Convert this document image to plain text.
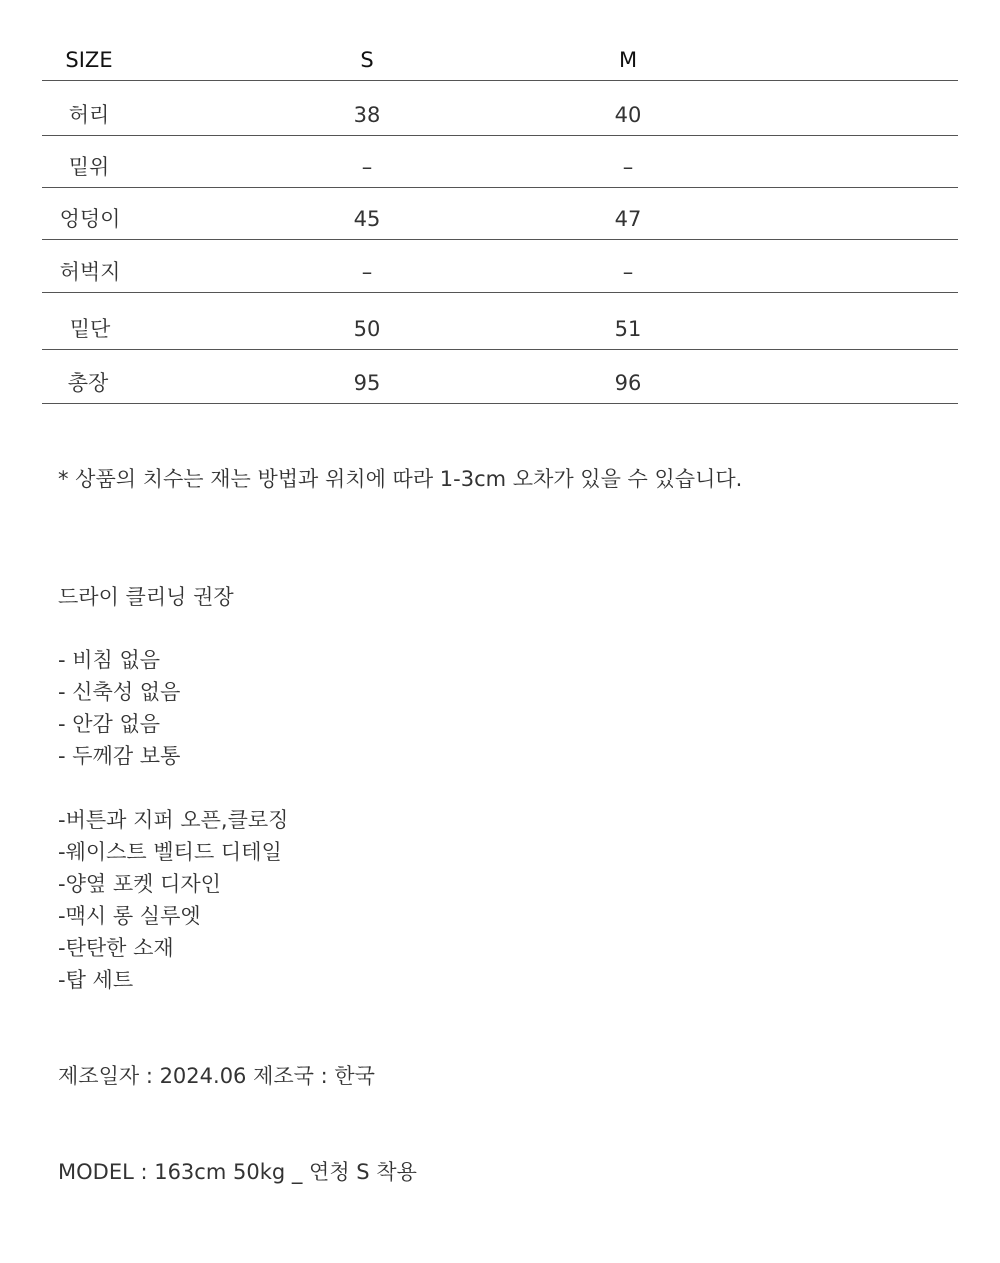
SIZE	S	M
허리	38	40
밑위	–	–
엉덩이	45	47
허벅지	–	–
밑단	50	51
총장	95	96
* 상품의 치수는 재는 방법과 위치에 따라 1-3cm 오차가 있을 수 있습니다.
드라이 클리닝 권장
- 비침 없음
- 신축성 없음
- 안감 없음
- 두께감 보통
-버튼과 지퍼 오픈,클로징
-웨이스트 벨티드 디테일
-양옆 포켓 디자인
-맥시 롱 실루엣
-탄탄한 소재
-탑 세트
제조일자 : 2024.06 제조국 : 한국
MODEL : 163cm 50kg _ 연청 S 착용
